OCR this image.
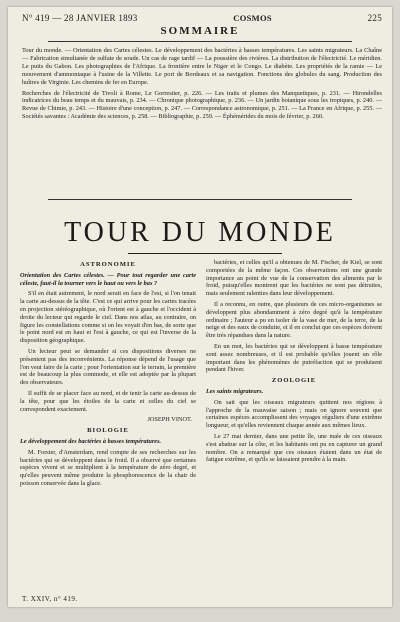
N° 419 — 28 JANVIER 1893	COSMOS	225
SOMMAIRE

Tour du monde. — Orientation des Cartes célestes. Le développement des bactéries à basses températures. Les saints migrateurs. La Chaîne — Fabrication simultanée de sulfate de soude. Un cas de rage tardif — La poussière des rivières. La distribution de l'électricité. Le méridien. Le puits du Gabon. Les photographies de l'Afrique. La frontière entre le Niger et le Congo. Le diabète. Les propriétés de la ramie — Le mouvement d'ammoniaque à l'usine de la Villette. Le port de Bordeaux et sa navigation. Fonctions des globules du sang. Production des huîtres de Virginie. Les chemins de fer en Europe.

Recherches de l'électricité de Tivoli à Rome, Le Gorrestier, p. 226. — Les traits et plumes des Manquetiques, p. 231. — Hirondelles indicatrices du beau temps et du mauvais, p. 234. — Chronique photographique, p. 236. — Un jardin botanique sous les tropiques, p. 240. — Revue de Chimie, p. 243. — Histoire d'une conception, p. 247. — Correspondance astronomique, p. 251. — La France en Afrique, p. 255. — Sociétés savantes : Académie des sciences, p. 258. — Bibliographie, p. 259. — Éphémérides du mois de février, p. 260.

TOUR DU MONDE
ASTRONOMIE

Orientation des Cartes célestes. — Pour tout regarder une carte céleste, faut-il la tourner vers le haut ou vers le bas ?

S'il en était autrement, le nord serait en face de l'est, si l'on tenait la carte au-dessus de la tête. C'est ce qui arrive pour les cartes tracées en projection stéréographique, où l'orient est à gauche et l'occident à droite du lecteur qui regarde le ciel. Dans nos atlas, au contraire, on figure les constellations comme si on les voyait d'en bas, de sorte que le point nord est en haut et l'est à gauche, ce qui est l'inverse de la disposition géographique.

Un lecteur peut se demander si ces dispositions diverses ne présentent pas des inconvénients. La réponse dépend de l'usage que l'on veut faire de la carte ; pour l'orientation sur le terrain, la première est de beaucoup la plus commode, et elle est adoptée par la plupart des observateurs.

Il suffit de se placer face au nord, et de tenir la carte au-dessus de la tête, pour que les étoiles de la carte et celles du ciel se correspondent exactement.

JOSEPH VINOT.

BIOLOGIE

Le développement des bactéries à basses températures.

M. Forster, d'Amsterdam, rend compte de ses recherches sur les bactéries qui se développent dans le froid. Il a observé que certaines espèces vivent et se multiplient à la température de zéro degré, et qu'elles peuvent même produire la phosphorescence de la chair de poisson conservée dans la glace.

bactéries, et celles qu'il a obtenues de M. Fischer, de Kiel, se sont comportées de la même façon. Ces observations ont une grande importance au point de vue de la conservation des aliments par le froid, puisqu'elles montrent que les bactéries ne sont pas détruites, mais seulement ralenties dans leur développement.

Il a reconnu, en outre, que plusieurs de ces micro-organismes se développent plus abondamment à zéro degré qu'à la température ordinaire ; l'auteur a pu en isoler de la vase de mer, de la terre, de la neige et des eaux de conduite, et il en conclut que ces espèces doivent être très répandues dans la nature.

En un mot, les bactéries qui se développent à basse température sont assez nombreuses, et il est probable qu'elles jouent un rôle important dans les phénomènes de putréfaction qui se produisent pendant l'hiver.

ZOOLOGIE

Les saints migrateurs.

On sait que les oiseaux migrateurs quittent nos régions à l'approche de la mauvaise saison ; mais on ignore souvent que certaines espèces accomplissent des voyages réguliers d'une extrême longueur, et qu'elles reviennent chaque année aux mêmes lieux.

Le 27 mai dernier, dans une petite île, une nuée de ces oiseaux s'est abattue sur la côte, et les habitants ont pu en capturer un grand nombre. On a remarqué que ces oiseaux étaient dans un état de fatigue extrême, et qu'ils se laissaient prendre à la main.

T. XXIV, n° 419.
